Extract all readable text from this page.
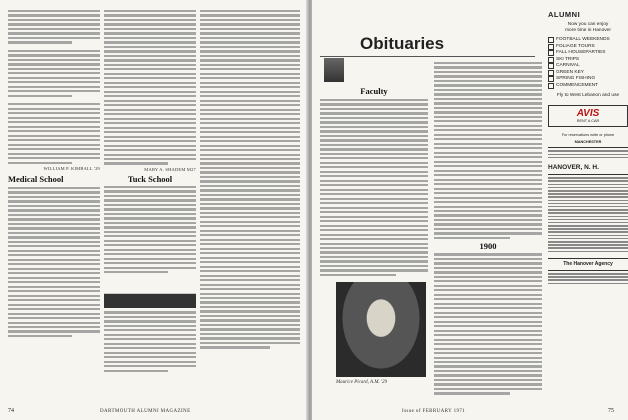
WILLIAM P. KIMBALL '29
Medical School
MARY A. SHADEM M27
Tuck School
74	DARTMOUTH ALUMNI MAGAZINE
Obituaries
Faculty
Maurice Picard, A.M. '29
1900
ALUMNI
Now you can enjoy
more time in Hanover
FOOTBALL WEEKENDS
FOLIAGE TOURS
FALL HOUSEPARTIES
SKI TRIPS
CARNIVAL
GREEN KEY
SPRING FISHING
COMMENCEMENT
Fly to West Lebanon and use
AVIS
RENT A CAR
For reservations write or phone
MANCHESTER
HANOVER, N. H.
The Hanover Agency
Issue of FEBRUARY 1971	75
